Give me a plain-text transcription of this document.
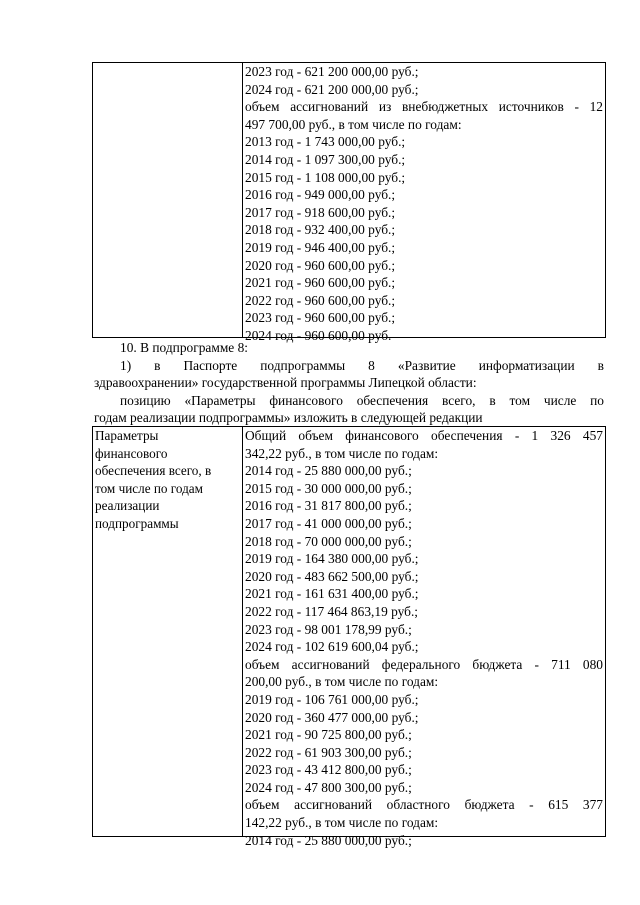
2023 год - 621 200 000,00 руб.;
2024 год - 621 200 000,00 руб.;
объем ассигнований из внебюджетных источников - 12
497 700,00 руб., в том числе по годам:
2013 год - 1 743 000,00 руб.;
2014 год - 1 097 300,00 руб.;
2015 год - 1 108 000,00 руб.;
2016 год - 949 000,00 руб.;
2017 год - 918 600,00 руб.;
2018 год - 932 400,00 руб.;
2019 год - 946 400,00 руб.;
2020 год - 960 600,00 руб.;
2021 год - 960 600,00 руб.;
2022 год - 960 600,00 руб.;
2023 год - 960 600,00 руб.;
2024 год - 960 600,00 руб.
10. В подпрограмме 8:
1) в Паспорте подпрограммы 8 «Развитие информатизации в
здравоохранении» государственной программы Липецкой области:
позицию «Параметры финансового обеспечения всего, в том числе по
годам реализации подпрограммы» изложить в следующей редакции
Параметры
финансового
обеспечения всего, в
том числе по годам
реализации
подпрограммы
Общий объем финансового обеспечения - 1 326 457
342,22 руб., в том числе по годам:
2014 год - 25 880 000,00 руб.;
2015 год - 30 000 000,00 руб.;
2016 год - 31 817 800,00 руб.;
2017 год - 41 000 000,00 руб.;
2018 год - 70 000 000,00 руб.;
2019 год - 164 380 000,00 руб.;
2020 год - 483 662 500,00 руб.;
2021 год - 161 631 400,00 руб.;
2022 год - 117 464 863,19 руб.;
2023 год - 98 001 178,99 руб.;
2024 год - 102 619 600,04 руб.;
объем ассигнований федерального бюджета - 711 080
200,00 руб., в том числе по годам:
2019 год - 106 761 000,00 руб.;
2020 год - 360 477 000,00 руб.;
2021 год - 90 725 800,00 руб.;
2022 год - 61 903 300,00 руб.;
2023 год - 43 412 800,00 руб.;
2024 год - 47 800 300,00 руб.;
объем ассигнований областного бюджета - 615 377
142,22 руб., в том числе по годам:
2014 год - 25 880 000,00 руб.;
